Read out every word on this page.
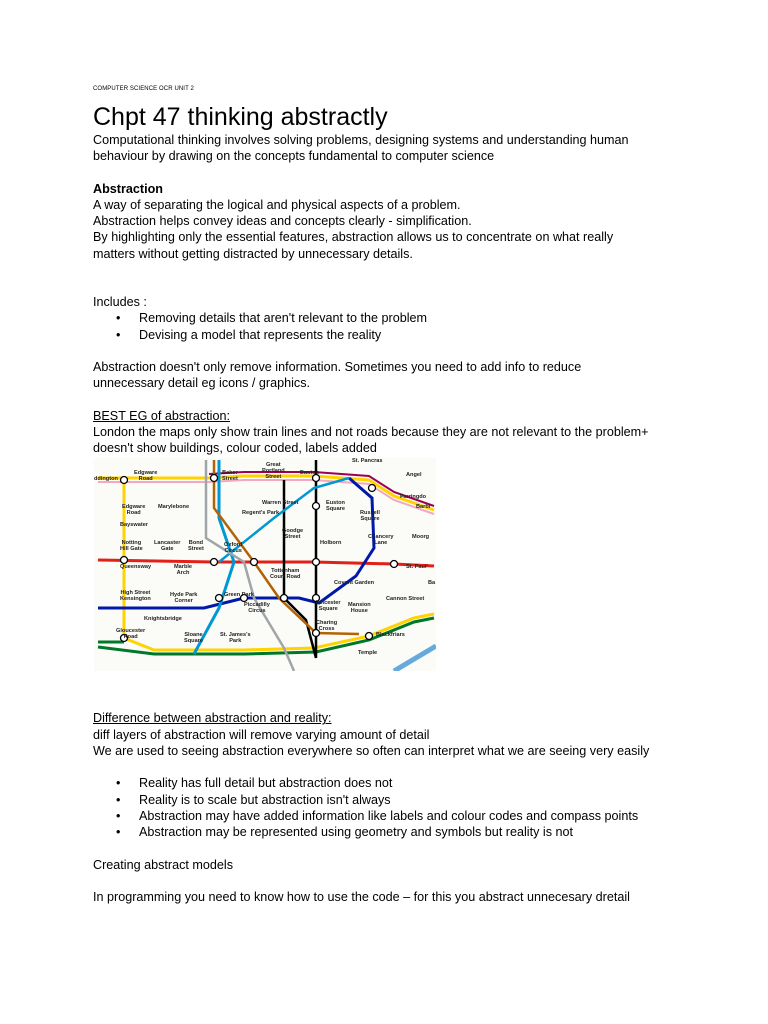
COMPUTER SCIENCE OCR UNIT 2
Chpt 47 thinking abstractly

Computational thinking involves solving problems, designing systems and understanding human

behaviour by drawing on the concepts fundamental to computer science

Abstraction

A way of separating the logical and physical aspects of a problem.

Abstraction helps convey ideas and concepts clearly - simplification.

By highlighting only the essential features, abstraction allows us to concentrate on what really

matters without getting distracted by unnecessary details.

Includes :

• Removing details that aren't relevant to the problem
• Devising a model that represents the reality

Abstraction doesn't only remove information. Sometimes you need to add info to reduce

unnecessary detail eg icons / graphics.

BEST EG of abstraction:

London the maps only show train lines and not roads because they are not relevant to the problem+

doesn't show buildings, colour coded, labels added

ddington
Edgware
Road
Baker
Street
Great
Portland
Street
Euston
St. Pancras
Angel
Farringdo
Barbi
Marylebone
Edgware
Road
Bayswater
Warren Street
Regent's Park
Euston
Square
Russell
Square
Moorg
Notting
Hill Gate
Lancaster
Gate
Bond
Street
Oxford
Circus
Goodge
Street
Holborn
Chancery
Lane
Queensway	Marble
Arch	Tottenham
Court Road
St. Paul'
Covent Garden	Ba
High Street
Kensington
Hyde Park
Corner
Green Park
Piccadilly
Circus
Leicester
Square
Mansion
House
Cannon Street
Knightsbridge
Charing
Cross
Gloucester
Road	Sloane
Square
St. James's
Park
Blackfriars
Temple

Difference between abstraction and reality:

diff layers of abstraction will remove varying amount of detail

We are used to seeing abstraction everywhere so often can interpret what we are seeing very easily

• Reality has full detail but abstraction does not
• Reality is to scale but abstraction isn't always
• Abstraction may have added information like labels and colour codes and compass points
• Abstraction may be represented using geometry and symbols but reality is not

Creating abstract models

In programming you need to know how to use the code – for this you abstract unnecesary dretail
